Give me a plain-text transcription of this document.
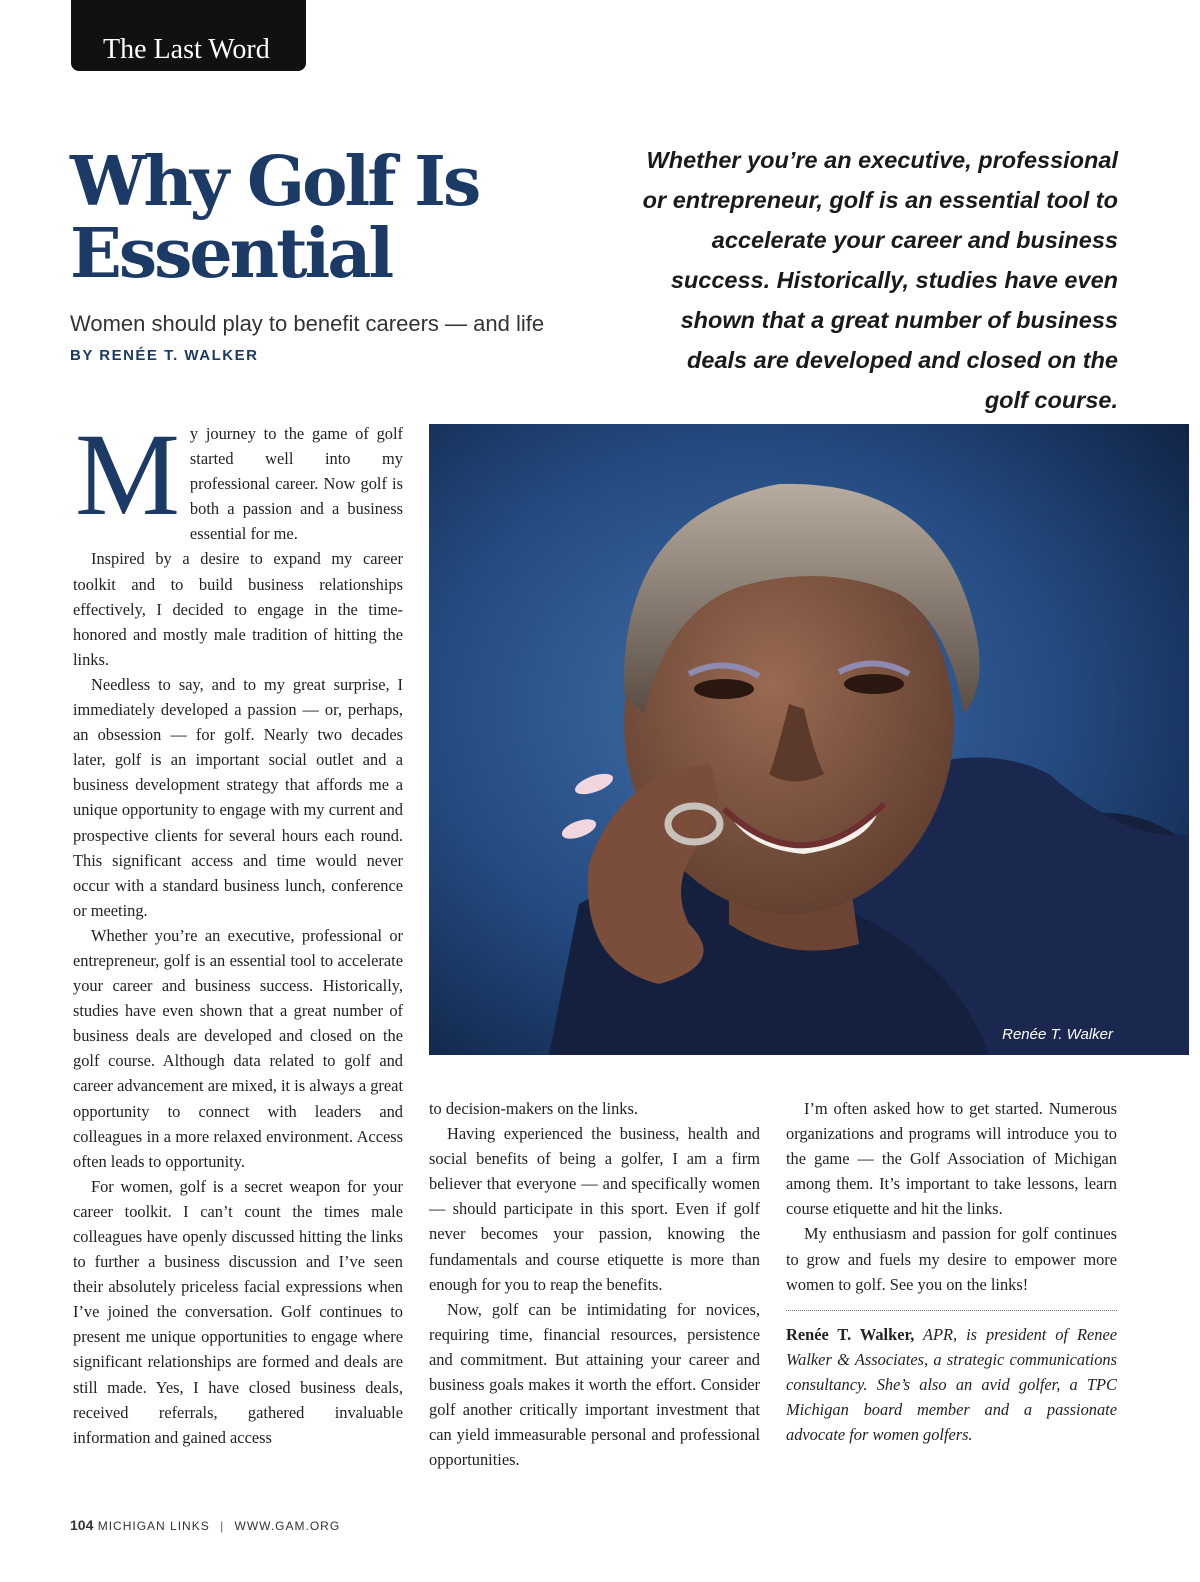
The Last Word
Why Golf Is Essential

Women should play to benefit careers — and life

BY RENÉE T. WALKER

Whether you’re an executive, professional or entrepreneur, golf is an essential tool to accelerate your career and business success. Historically, studies have even shown that a great number of business deals are developed and closed on the golf course.

Renée T. Walker
M y journey to the game of golf started well into my professional career. Now golf is both a passion and a business essential for me.

Inspired by a desire to expand my career toolkit and to build business relationships effectively, I decided to engage in the time-honored and mostly male tradition of hitting the links.

Needless to say, and to my great surprise, I immediately developed a passion — or, perhaps, an obsession — for golf. Nearly two decades later, golf is an important social outlet and a business development strategy that affords me a unique opportunity to engage with my current and prospective clients for several hours each round. This significant access and time would never occur with a standard business lunch, conference or meeting.

Whether you’re an executive, professional or entrepreneur, golf is an essential tool to accelerate your career and business success. Historically, studies have even shown that a great number of business deals are developed and closed on the golf course. Although data related to golf and career advancement are mixed, it is always a great opportunity to connect with leaders and colleagues in a more relaxed environment. Access often leads to opportunity.

For women, golf is a secret weapon for your career toolkit. I can’t count the times male colleagues have openly discussed hitting the links to further a business discussion and I’ve seen their absolutely priceless facial expressions when I’ve joined the conversation. Golf continues to present me unique opportunities to engage where significant relationships are formed and deals are still made. Yes, I have closed business deals, received referrals, gathered invaluable information and gained access

to decision-makers on the links.

Having experienced the business, health and social benefits of being a golfer, I am a firm believer that everyone — and specifically women — should participate in this sport. Even if golf never becomes your passion, knowing the fundamentals and course etiquette is more than enough for you to reap the benefits.

Now, golf can be intimidating for novices, requiring time, financial resources, persistence and commitment. But attaining your career and business goals makes it worth the effort. Consider golf another critically important investment that can yield immeasurable personal and professional opportunities.

I’m often asked how to get started. Numerous organizations and programs will introduce you to the game — the Golf Association of Michigan among them. It’s important to take lessons, learn course etiquette and hit the links.

My enthusiasm and passion for golf continues to grow and fuels my desire to empower more women to golf. See you on the links!

Renée T. Walker, APR, is president of Renee Walker & Associates, a strategic communications consultancy. She’s also an avid golfer, a TPC Michigan board member and a passionate advocate for women golfers.

104 MICHIGAN LINKS | WWW.GAM.ORG
